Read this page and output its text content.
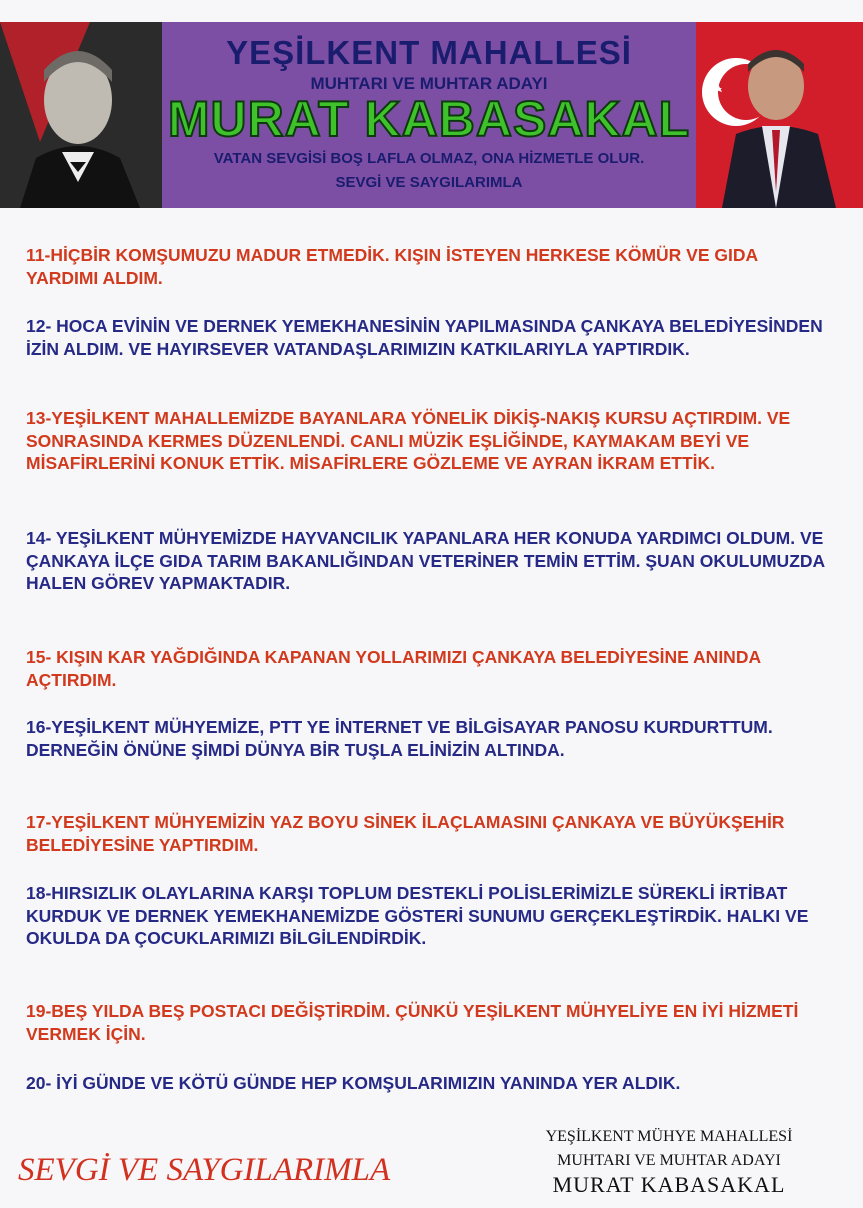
YEŞİLKENT MAHALLESİ
MUHTARI VE MUHTAR ADAYI
MURAT KABASAKAL
VATAN SEVGİSİ BOŞ LAFLA OLMAZ, ONA HİZMETLE OLUR.
SEVGİ VE SAYGILARIMLA

11-HİÇBİR KOMŞUMUZU MADUR ETMEDİK. KIŞIN İSTEYEN HERKESE KÖMÜR VE GIDA YARDIMI ALDIM.

12- HOCA EVİNİN VE DERNEK YEMEKHANESİNİN YAPILMASINDA ÇANKAYA BELEDİYESİNDEN İZİN ALDIM. VE HAYIRSEVER VATANDAŞLARIMIZIN KATKILARIYLA YAPTIRDIK.

13-YEŞİLKENT MAHALLEMİZDE BAYANLARA YÖNELİK DİKİŞ-NAKIŞ KURSU AÇTIRDIM. VE SONRASINDA KERMES DÜZENLENDİ. CANLI MÜZİK EŞLİĞİNDE, KAYMAKAM BEYİ VE MİSAFİRLERİNİ KONUK ETTİK. MİSAFİRLERE GÖZLEME VE AYRAN İKRAM ETTİK.

14- YEŞİLKENT MÜHYEMİZDE HAYVANCILIK YAPANLARA HER KONUDA YARDIMCI OLDUM. VE ÇANKAYA İLÇE GIDA TARIM BAKANLIĞINDAN VETERİNER TEMİN ETTİM. ŞUAN OKULUMUZDA HALEN GÖREV YAPMAKTADIR.

15- KIŞIN KAR YAĞDIĞINDA KAPANAN YOLLARIMIZI ÇANKAYA BELEDİYESİNE ANINDA AÇTIRDIM.

16-YEŞİLKENT MÜHYEMİZE, PTT YE İNTERNET VE BİLGİSAYAR PANOSU KURDURTTUM. DERNEĞİN ÖNÜNE ŞİMDİ DÜNYA BİR TUŞLA ELİNİZİN ALTINDA.

17-YEŞİLKENT MÜHYEMİZİN YAZ BOYU SİNEK İLAÇLAMASINI ÇANKAYA VE BÜYÜKŞEHİR BELEDİYESİNE YAPTIRDIM.

18-HIRSIZLIK OLAYLARINA KARŞI TOPLUM DESTEKLİ POLİSLERİMİZLE SÜREKLİ İRTİBAT KURDUK VE DERNEK YEMEKHANEMİZDE GÖSTERİ SUNUMU GERÇEKLEŞTİRDİK. HALKI VE OKULDA DA ÇOCUKLARIMIZI BİLGİLENDİRDİK.

19-BEŞ YILDA BEŞ POSTACI DEĞİŞTİRDİM. ÇÜNKÜ YEŞİLKENT MÜHYELİYE EN İYİ HİZMETİ VERMEK İÇİN.

20- İYİ GÜNDE VE KÖTÜ GÜNDE HEP KOMŞULARIMIZIN YANINDA YER ALDIK.

SEVGİ VE SAYGILARIMLA
YEŞİLKENT MÜHYE MAHALLESİ
MUHTARI VE MUHTAR ADAYI
MURAT KABASAKAL
